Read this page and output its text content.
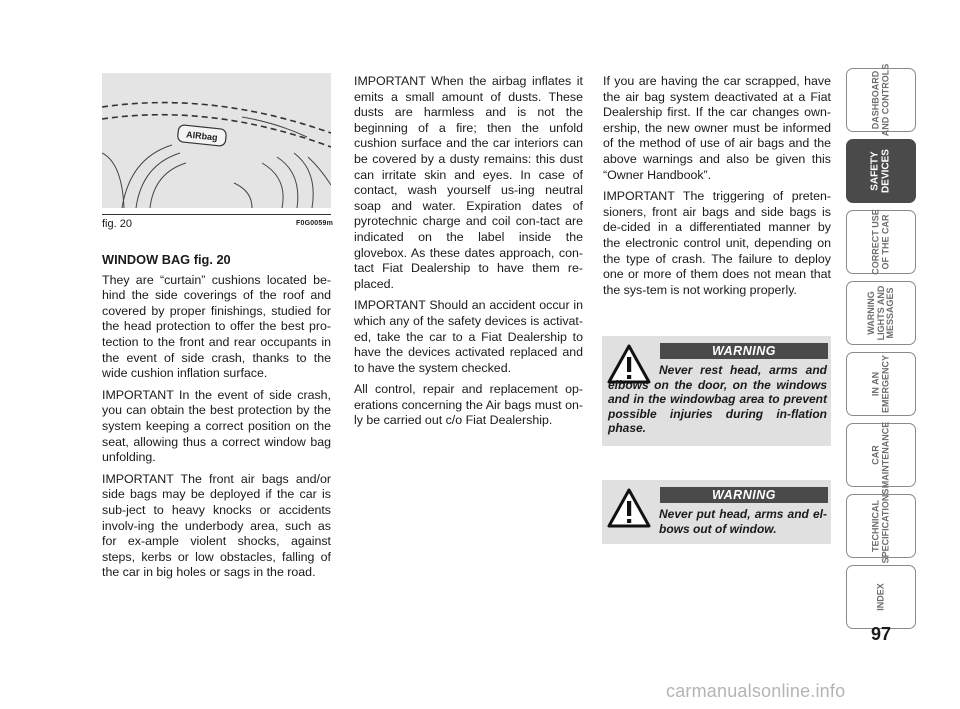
AIRbag
fig. 20	F0G0059m

WINDOW BAG fig. 20

They are “curtain” cushions located be-hind the side coverings of the roof and covered by proper finishings, studied for the head protection to offer the best pro-tection to the front and rear occupants in the event of side crash, thanks to the wide cushion inflation surface.

IMPORTANT In the event of side crash, you can obtain the best protection by the system keeping a correct position on the seat, allowing thus a correct window bag unfolding.

IMPORTANT The front air bags and/or side bags may be deployed if the car is sub-ject to heavy knocks or accidents involv-ing the underbody area, such as for ex-ample violent shocks, against steps, kerbs or low obstacles, falling of the car in big holes or sags in the road.

IMPORTANT When the airbag inflates it emits a small amount of dusts. These dusts are harmless and is not the beginning of a fire; then the unfold cushion surface and the car interiors can be covered by a dusty remains: this dust can irritate skin and eyes. In case of contact, wash yourself us-ing neutral soap and water. Expiration dates of pyrotechnic charge and coil con-tact are indicated on the label inside the glovebox. As these dates approach, con-tact Fiat Dealership to have them re-placed.

IMPORTANT Should an accident occur in which any of the safety devices is activat-ed, take the car to a Fiat Dealership to have the devices activated replaced and to have the system checked.

All control, repair and replacement op-erations concerning the Air bags must on-ly be carried out c/o Fiat Dealership.

If you are having the car scrapped, have the air bag system deactivated at a Fiat Dealership first. If the car changes own-ership, the new owner must be informed of the method of use of air bags and the above warnings and also be given this “Owner Handbook”.

IMPORTANT The triggering of preten-sioners, front air bags and side bags is de-cided in a differentiated manner by the electronic control unit, depending on the type of crash. The failure to deploy one or more of them does not mean that the sys-tem is not working properly.

WARNING
Never rest head, arms and elbows on the door, on the windows and in the windowbag area to prevent possible injuries during in-flation phase.
WARNING
Never put head, arms and el-bows out of window.
DASHBOARD
AND CONTROLS
SAFETY
DEVICES
CORRECT USE
OF THE CAR
WARNING
LIGHTS AND
MESSAGES
IN AN
EMERGENCY
CAR
MAINTENANCE
TECHNICAL
SPECIFICATIONS
INDEX
97
carmanualsonline.info
